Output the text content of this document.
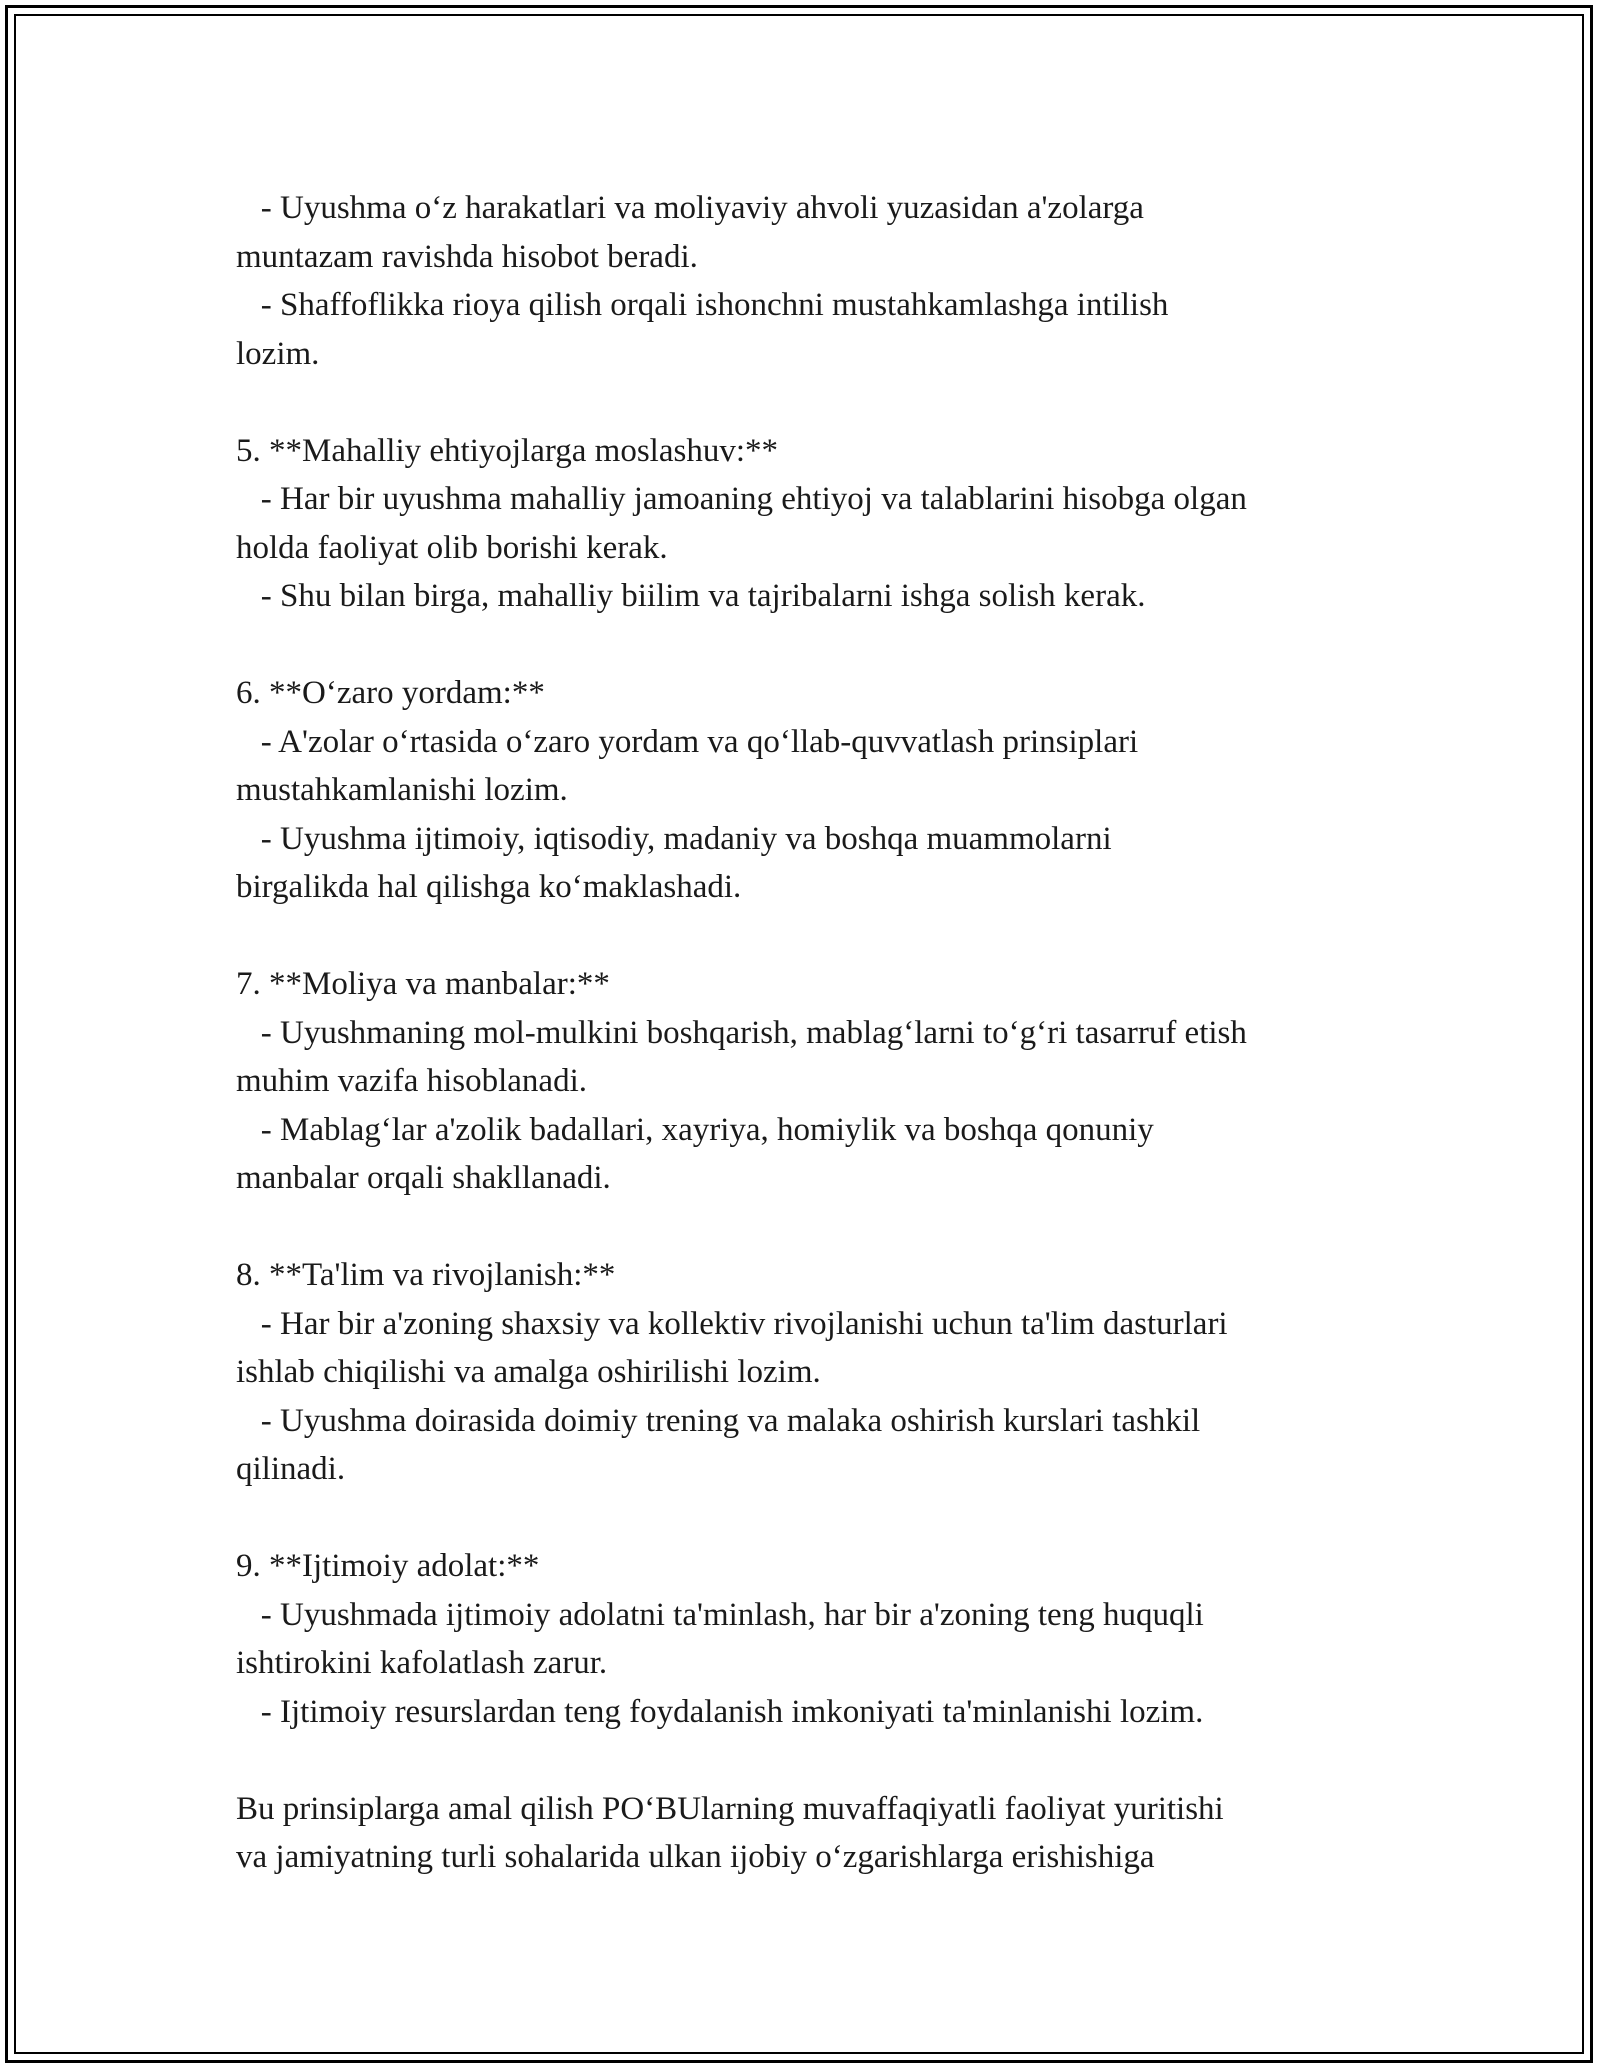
- Uyushma o‘z harakatlari va moliyaviy ahvoli yuzasidan a'zolarga
muntazam ravishda hisobot beradi.
- Shaffoflikka rioya qilish orqali ishonchni mustahkamlashga intilish
lozim.
5. **Mahalliy ehtiyojlarga moslashuv:**
- Har bir uyushma mahalliy jamoaning ehtiyoj va talablarini hisobga olgan
holda faoliyat olib borishi kerak.
- Shu bilan birga, mahalliy biilim va tajribalarni ishga solish kerak.
6. **O‘zaro yordam:**
- A'zolar o‘rtasida o‘zaro yordam va qo‘llab-quvvatlash prinsiplari
mustahkamlanishi lozim.
- Uyushma ijtimoiy, iqtisodiy, madaniy va boshqa muammolarni
birgalikda hal qilishga ko‘maklashadi.
7. **Moliya va manbalar:**
- Uyushmaning mol-mulkini boshqarish, mablag‘larni to‘g‘ri tasarruf etish
muhim vazifa hisoblanadi.
- Mablag‘lar a'zolik badallari, xayriya, homiylik va boshqa qonuniy
manbalar orqali shakllanadi.
8. **Ta'lim va rivojlanish:**
- Har bir a'zoning shaxsiy va kollektiv rivojlanishi uchun ta'lim dasturlari
ishlab chiqilishi va amalga oshirilishi lozim.
- Uyushma doirasida doimiy trening va malaka oshirish kurslari tashkil
qilinadi.
9. **Ijtimoiy adolat:**
- Uyushmada ijtimoiy adolatni ta'minlash, har bir a'zoning teng huquqli
ishtirokini kafolatlash zarur.
- Ijtimoiy resurslardan teng foydalanish imkoniyati ta'minlanishi lozim.
Bu prinsiplarga amal qilish PO‘BUlarning muvaffaqiyatli faoliyat yuritishi
va jamiyatning turli sohalarida ulkan ijobiy o‘zgarishlarga erishishiga
